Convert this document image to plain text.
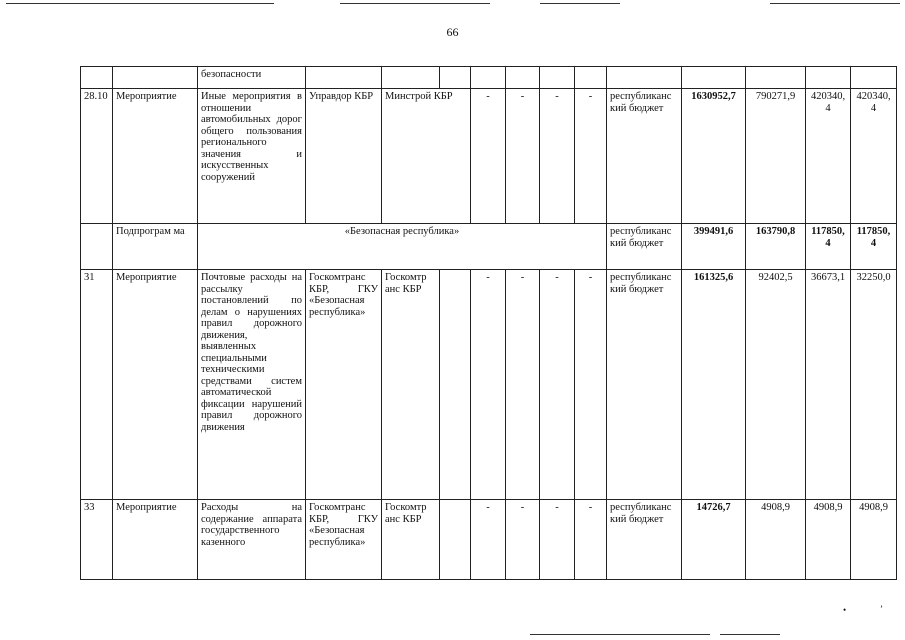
66
		безопасности												
28.10	Мероприятие	Иные мероприятия в отношении автомобильных дорог общего пользования регионального значения и искусственных сооружений	Управдор КБР	Минстрой КБР		-	-	-	-	республиканс кий бюджет	1630952,7	790271,9	420340, 4	420340, 4
	Подпрограм ма	«Безопасная республика»								республиканс кий бюджет	399491,6	163790,8	117850, 4	117850, 4
31	Мероприятие	Почтовые расходы на рассылку постановлений по делам о нарушениях правил дорожного движения, выявленных специальными техническими средствами систем автоматической фиксации нарушений правил дорожного движения	Госкомтранс КБР, ГКУ «Безопасная республика»	Госкомтр анс КБР		-	-	-	-	республиканс кий бюджет	161325,6	92402,5	36673,1	32250,0
33	Мероприятие	Расходы на содержание аппарата государственного казенного	Госкомтранс КБР, ГКУ «Безопасная республика»	Госкомтр анс КБР		-	-	-	-	республиканс кий бюджет	14726,7	4908,9	4908,9	4908,9
•	’
